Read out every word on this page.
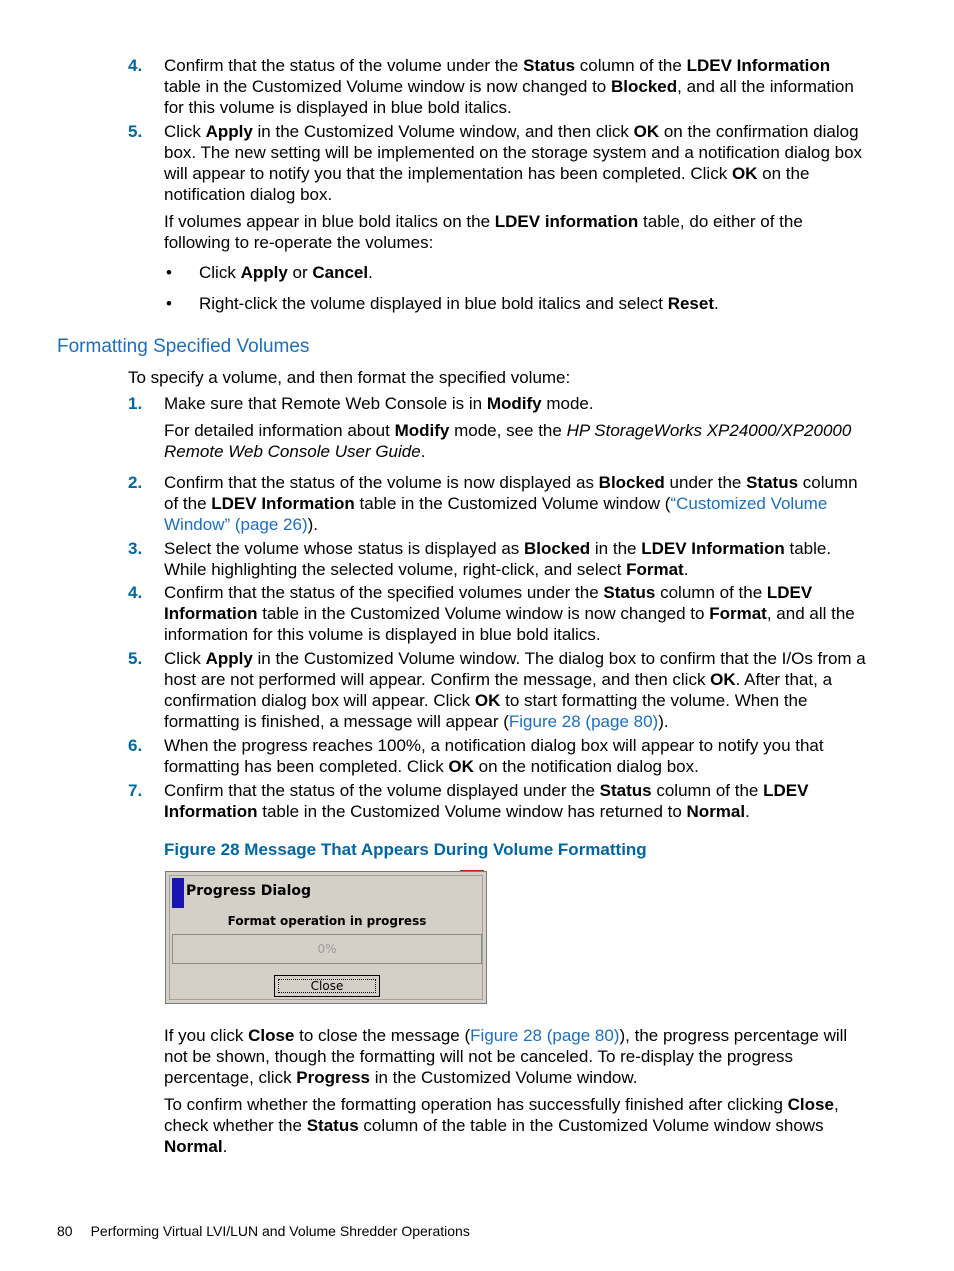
4. Confirm that the status of the volume under the Status column of the LDEV Information table in the Customized Volume window is now changed to Blocked, and all the information for this volume is displayed in blue bold italics.
5. Click Apply in the Customized Volume window, and then click OK on the confirmation dialog box. The new setting will be implemented on the storage system and a notification dialog box will appear to notify you that the implementation has been completed. Click OK on the notification dialog box.
If volumes appear in blue bold italics on the LDEV information table, do either of the following to re-operate the volumes:
• Click Apply or Cancel.
• Right-click the volume displayed in blue bold italics and select Reset.
Formatting Specified Volumes
To specify a volume, and then format the specified volume:
1. Make sure that Remote Web Console is in Modify mode.
For detailed information about Modify mode, see the HP StorageWorks XP24000/XP20000 Remote Web Console User Guide.
2. Confirm that the status of the volume is now displayed as Blocked under the Status column of the LDEV Information table in the Customized Volume window (“Customized Volume Window” (page 26)).
3. Select the volume whose status is displayed as Blocked in the LDEV Information table. While highlighting the selected volume, right-click, and select Format.
4. Confirm that the status of the specified volumes under the Status column of the LDEV Information table in the Customized Volume window is now changed to Format, and all the information for this volume is displayed in blue bold italics.
5. Click Apply in the Customized Volume window. The dialog box to confirm that the I/Os from a host are not performed will appear. Confirm the message, and then click OK. After that, a confirmation dialog box will appear. Click OK to start formatting the volume. When the formatting is finished, a message will appear (Figure 28 (page 80)).
6. When the progress reaches 100%, a notification dialog box will appear to notify you that formatting has been completed. Click OK on the notification dialog box.
7. Confirm that the status of the volume displayed under the Status column of the LDEV Information table in the Customized Volume window has returned to Normal.
Figure 28 Message That Appears During Volume Formatting
Progress Dialog
Format operation in progress
0%
Close
If you click Close to close the message (Figure 28 (page 80)), the progress percentage will not be shown, though the formatting will not be canceled. To re-display the progress percentage, click Progress in the Customized Volume window.
To confirm whether the formatting operation has successfully finished after clicking Close, check whether the Status column of the table in the Customized Volume window shows Normal.
80 Performing Virtual LVI/LUN and Volume Shredder Operations
